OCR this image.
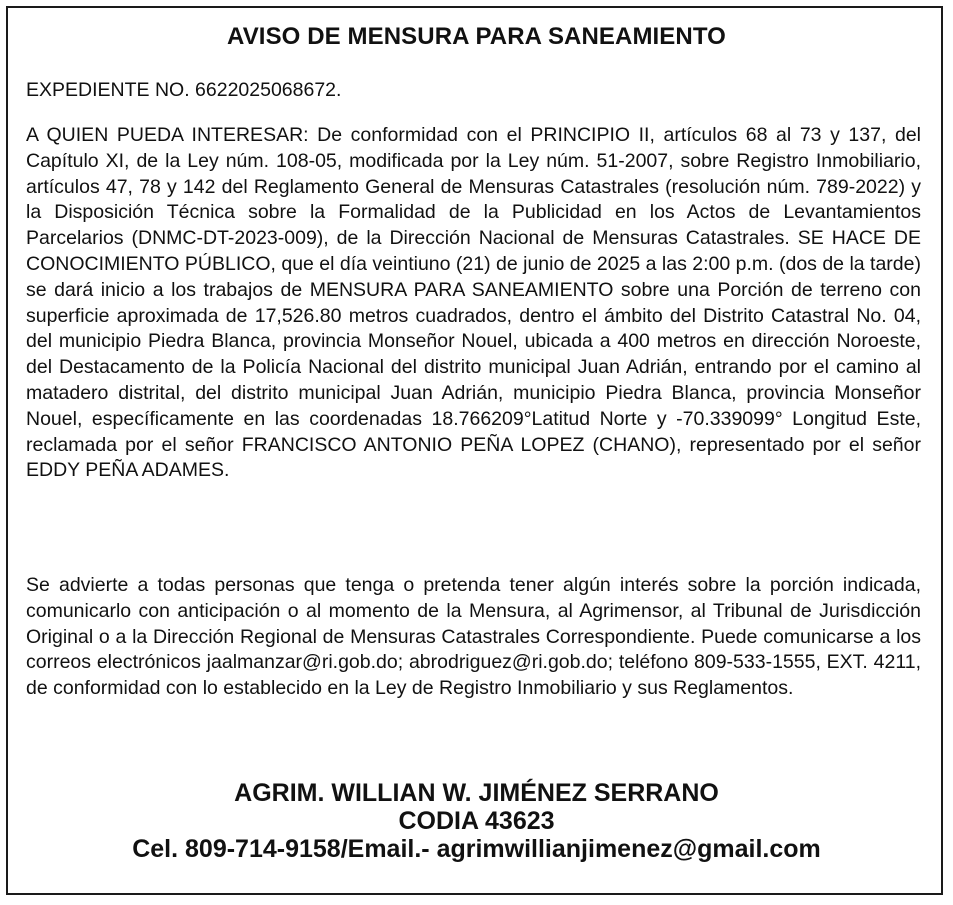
AVISO DE MENSURA PARA SANEAMIENTO
EXPEDIENTE NO. 6622025068672.
A QUIEN PUEDA INTERESAR: De conformidad con el PRINCIPIO II, artículos 68 al 73 y 137, del Capítulo XI, de la Ley núm. 108-05, modificada por la Ley núm. 51-2007, sobre Registro Inmobiliario, artículos 47, 78 y 142 del Reglamento General de Mensuras Catastrales (resolución núm. 789-2022) y la Disposición Técnica sobre la Formalidad de la Publicidad en los Actos de Levantamientos Parcelarios (DNMC-DT-2023-009), de la Dirección Nacional de Mensuras Catastrales. SE HACE DE CONOCIMIENTO PÚBLICO, que el día veintiuno (21) de junio de 2025 a las 2:00 p.m. (dos de la tarde) se dará inicio a los trabajos de MENSURA PARA SANEAMIENTO sobre una Porción de terreno con superficie aproximada de 17,526.80 metros cuadrados, dentro el ámbito del Distrito Catastral No. 04, del municipio Piedra Blanca, provincia Monseñor Nouel, ubicada a 400 metros en dirección Noroeste, del Destacamento de la Policía Nacional del distrito municipal Juan Adrián, entrando por el camino al matadero distrital, del distrito municipal Juan Adrián, municipio Piedra Blanca, provincia Monseñor Nouel, específicamente en las coordenadas 18.766209°Latitud Norte y -70.339099° Longitud Este, reclamada por el señor FRANCISCO ANTONIO PEÑA LOPEZ (CHANO), representado por el señor EDDY PEÑA ADAMES.
Se advierte a todas personas que tenga o pretenda tener algún interés sobre la porción indicada, comunicarlo con anticipación o al momento de la Mensura, al Agrimensor, al Tribunal de Jurisdicción Original o a la Dirección Regional de Mensuras Catastrales Correspondiente. Puede comunicarse a los correos electrónicos jaalmanzar@ri.gob.do; abrodriguez@ri.gob.do; teléfono 809-533-1555, EXT. 4211, de conformidad con lo establecido en la Ley de Registro Inmobiliario y sus Reglamentos.
AGRIM. WILLIAN W. JIMÉNEZ SERRANO
CODIA 43623
Cel. 809-714-9158/Email.- agrimwillianjimenez@gmail.com
